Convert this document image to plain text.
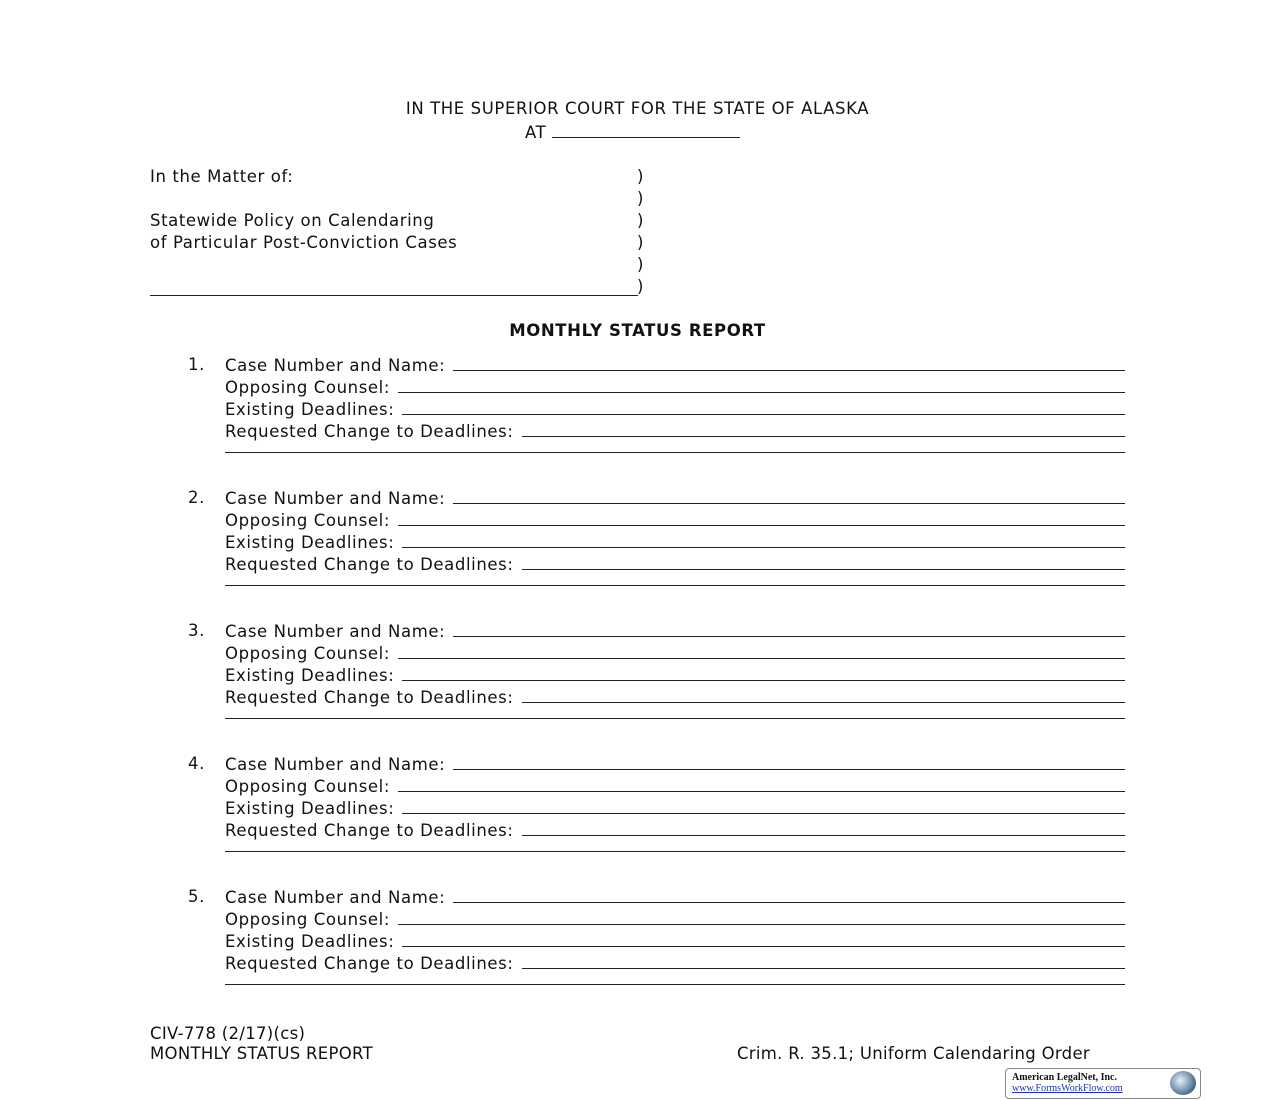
IN THE SUPERIOR COURT FOR THE STATE OF ALASKA
AT
In the Matter of:
Statewide Policy on Calendaring
of Particular Post-Conviction Cases
)
)
)
)
)
)
MONTHLY STATUS REPORT
1. Case Number and Name:
Opposing Counsel:
Existing Deadlines:
Requested Change to Deadlines:
2. Case Number and Name:
Opposing Counsel:
Existing Deadlines:
Requested Change to Deadlines:
3. Case Number and Name:
Opposing Counsel:
Existing Deadlines:
Requested Change to Deadlines:
4. Case Number and Name:
Opposing Counsel:
Existing Deadlines:
Requested Change to Deadlines:
5. Case Number and Name:
Opposing Counsel:
Existing Deadlines:
Requested Change to Deadlines:
CIV-778 (2/17)(cs)
MONTHLY STATUS REPORT	Crim. R. 35.1; Uniform Calendaring Order
American LegalNet, Inc.
www.FormsWorkFlow.com
